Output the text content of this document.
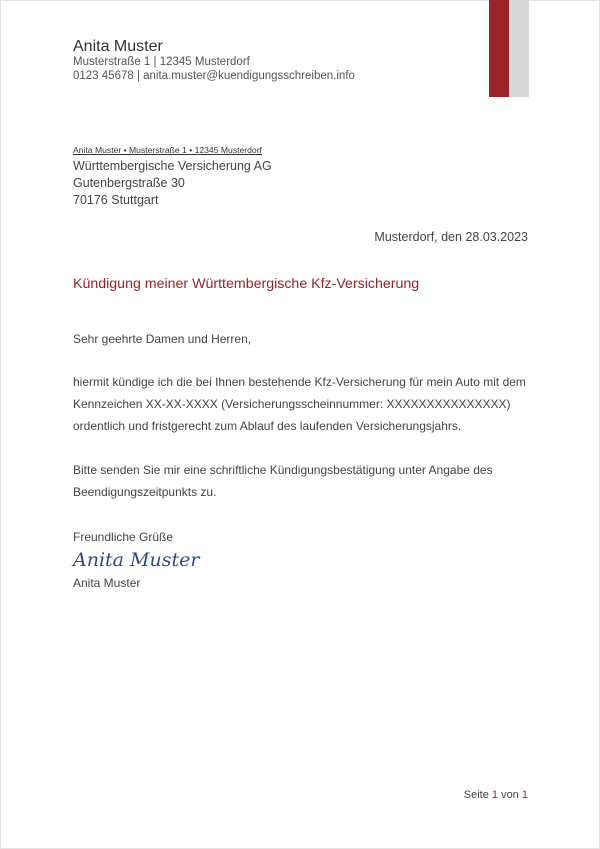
Anita Muster
Musterstraße 1 | 12345 Musterdorf
0123 45678 | anita.muster@kuendigungsschreiben.info
Anita Muster • Musterstraße 1 • 12345 Musterdorf
Württembergische Versicherung AG
Gutenbergstraße 30
70176 Stuttgart
Musterdorf, den 28.03.2023
Kündigung meiner Württembergische Kfz-Versicherung
Sehr geehrte Damen und Herren,
hiermit kündige ich die bei Ihnen bestehende Kfz-Versicherung für mein Auto mit dem
Kennzeichen XX-XX-XXXX (Versicherungsscheinnummer: XXXXXXXXXXXXXXX)
ordentlich und fristgerecht zum Ablauf des laufenden Versicherungsjahrs.
Bitte senden Sie mir eine schriftliche Kündigungsbestätigung unter Angabe des
Beendigungszeitpunkts zu.
Freundliche Grüße
Anita Muster
Anita Muster
Seite 1 von 1
